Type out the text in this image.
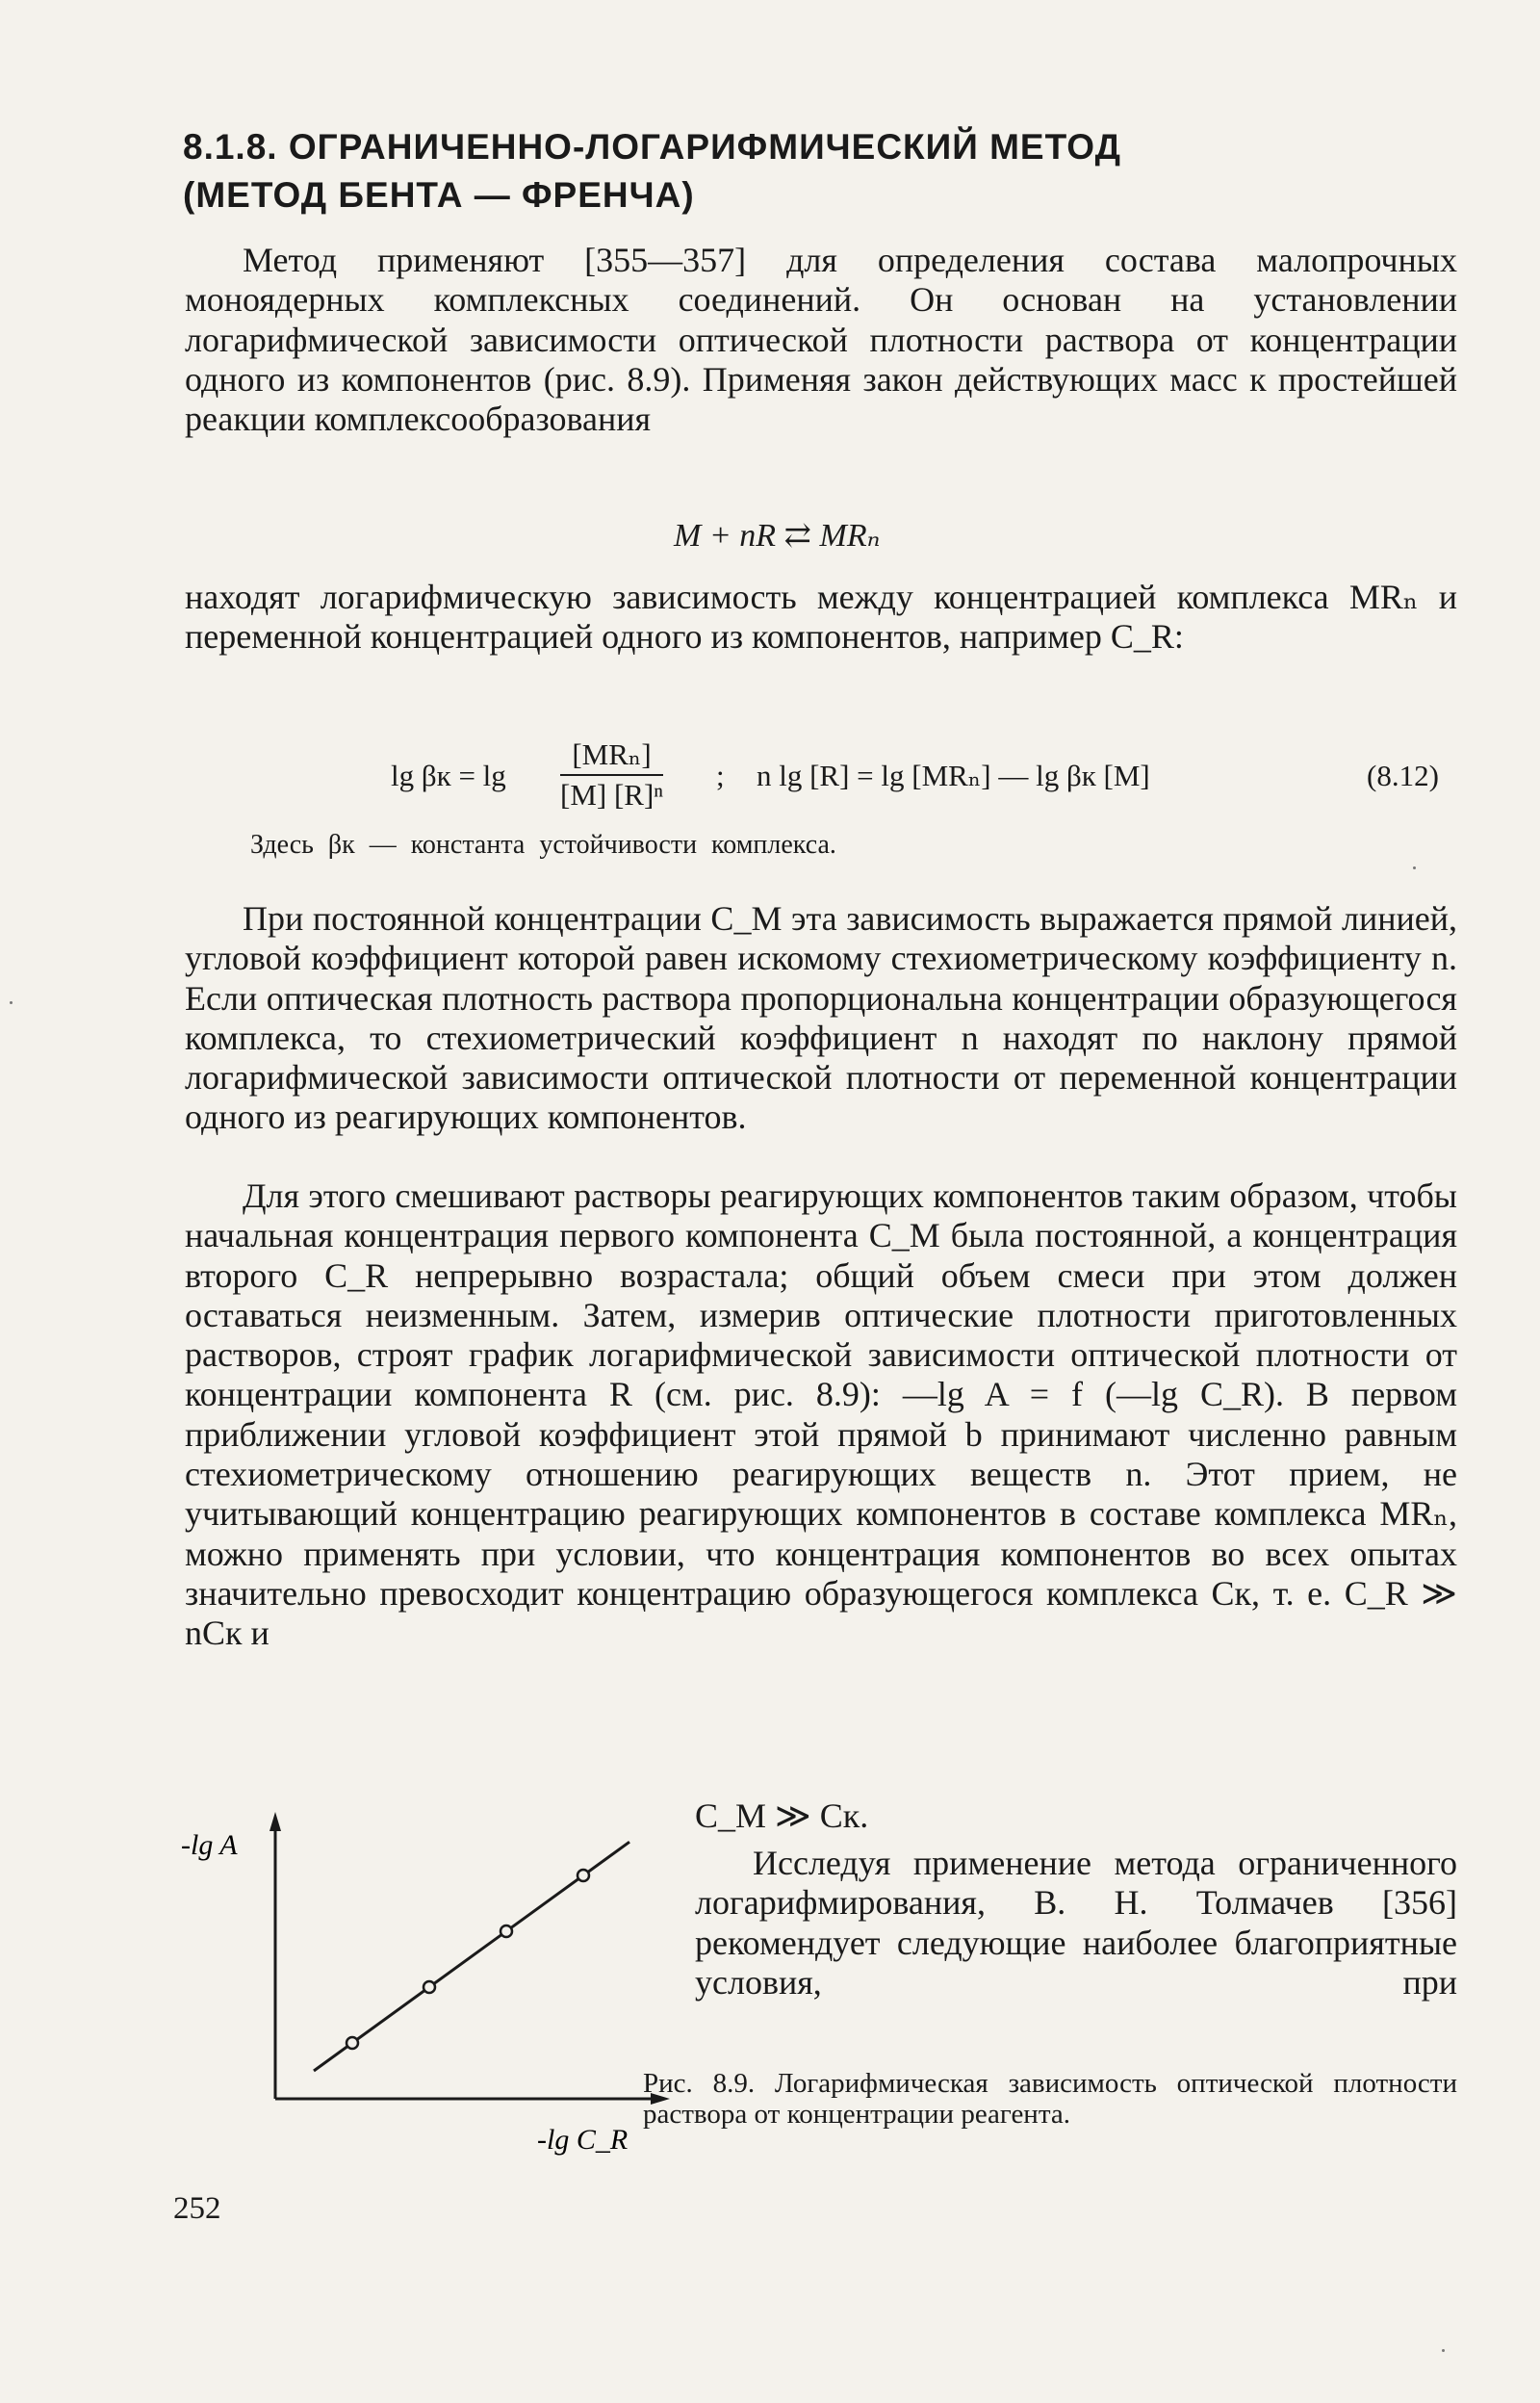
8.1.8. ОГРАНИЧЕННО-ЛОГАРИФМИЧЕСКИЙ МЕТОД
(МЕТОД БЕНТА — ФРЕНЧА)
Метод применяют [355—357] для определения состава малопрочных моноядерных комплексных соединений. Он основан на установлении логарифмической зависимости оптической плотности раствора от концентрации одного из компонентов (рис. 8.9). Применяя закон действующих масс к простейшей реакции комплексообразования
M + nR ⇄ MRₙ
находят логарифмическую зависимость между концентрацией комплекса MRₙ и переменной концентрацией одного из компонентов, например C_R:
lg βк = lg
[MRₙ]
[M] [R]ⁿ
; n lg [R] = lg [MRₙ] — lg βк [M]	(8.12)
Здесь βк — константа устойчивости комплекса.
При постоянной концентрации C_M эта зависимость выражается прямой линией, угловой коэффициент которой равен искомому стехиометрическому коэффициенту n. Если оптическая плотность раствора пропорциональна концентрации образующегося комплекса, то стехиометрический коэффициент n находят по наклону прямой логарифмической зависимости оптической плотности от переменной концентрации одного из реагирующих компонентов.
Для этого смешивают растворы реагирующих компонентов таким образом, чтобы начальная концентрация первого компонента C_M была постоянной, а концентрация второго C_R непрерывно возрастала; общий объем смеси при этом должен оставаться неизменным. Затем, измерив оптические плотности приготовленных растворов, строят график логарифмической зависимости оптической плотности от концентрации компонента R (см. рис. 8.9): —lg A = f (—lg C_R). В первом приближении угловой коэффициент этой прямой b принимают численно равным стехиометрическому отношению реагирующих веществ n. Этот прием, не учитывающий концентрацию реагирующих компонентов в составе комплекса MRₙ, можно применять при условии, что концентрация компонентов во всех опытах значительно превосходит концентрацию образующегося комплекса Cк, т. е. C_R ≫ nCк и
C_M ≫ Cк.
Исследуя применение метода ограниченного логарифмирования, В. Н. Толмачев [356] рекомендует следующие наиболее благоприятные условия, при
-lg A
-lg C_R
Рис. 8.9. Логарифмическая зависимость оптической плотности раствора от концентрации реагента.
252
